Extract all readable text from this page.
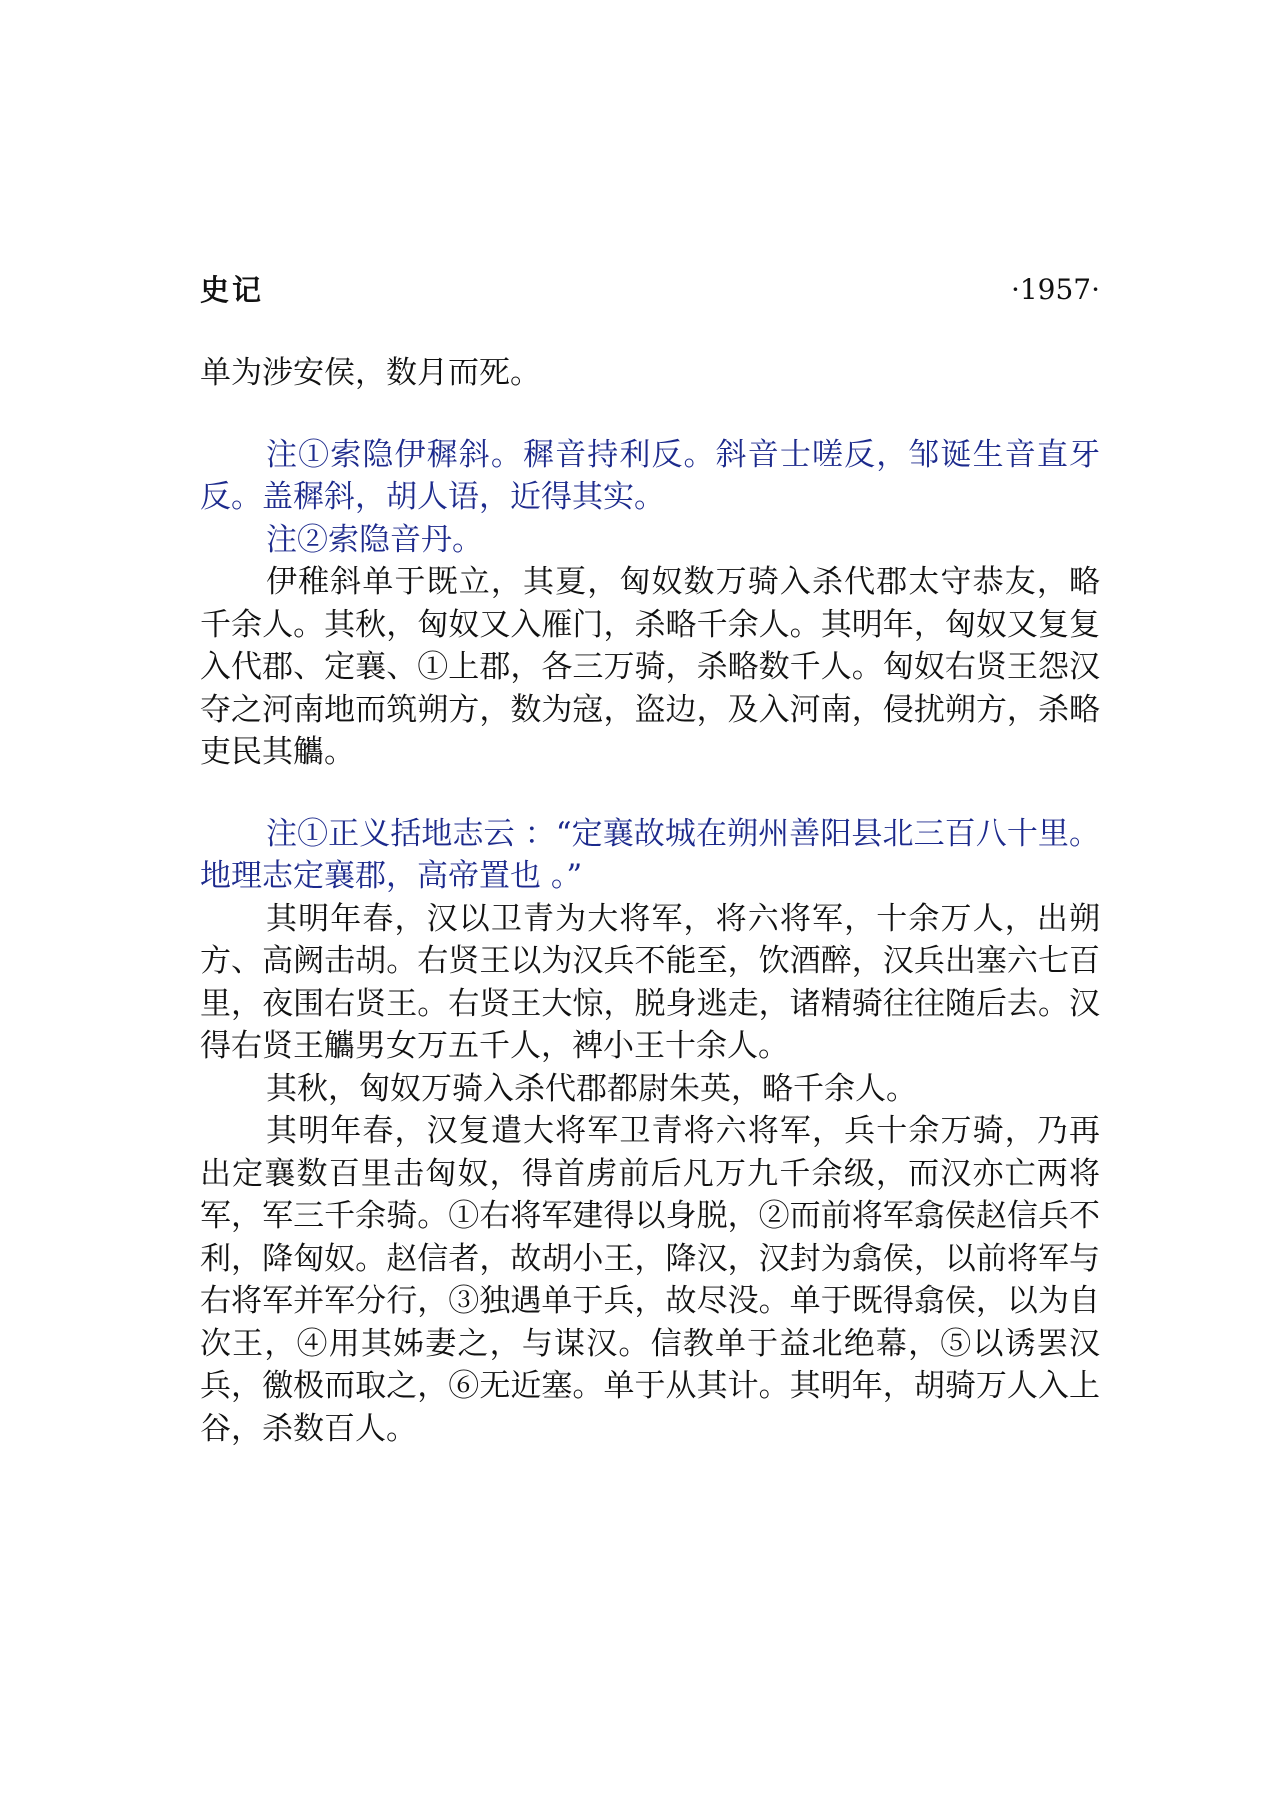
史记	·1957·

单为涉安侯，数月而死。

注①索隐伊穉斜。穉音持利反。斜音士嗟反，邹诞生音直牙反。盖穉斜，胡人语，近得其实。

注②索隐音丹。

伊稚斜单于既立，其夏，匈奴数万骑入杀代郡太守恭友，略千余人。其秋，匈奴又入雁门，杀略千余人。其明年，匈奴又复复入代郡、定襄、①上郡，各三万骑，杀略数千人。匈奴右贤王怨汉夺之河南地而筑朔方，数为寇，盗边，及入河南，侵扰朔方，杀略吏民其觿。

注①正义括地志云 ：“定襄故城在朔州善阳县北三百八十里。地理志定襄郡，高帝置也 。”

其明年春，汉以卫青为大将军，将六将军，十余万人，出朔方、高阙击胡。右贤王以为汉兵不能至，饮酒醉，汉兵出塞六七百里，夜围右贤王。右贤王大惊，脱身逃走，诸精骑往往随后去。汉得右贤王觿男女万五千人，裨小王十余人。

其秋，匈奴万骑入杀代郡都尉朱英，略千余人。

其明年春，汉复遣大将军卫青将六将军，兵十余万骑，乃再出定襄数百里击匈奴，得首虏前后凡万九千余级，而汉亦亡两将军，军三千余骑。①右将军建得以身脱，②而前将军翕侯赵信兵不利，降匈奴。赵信者，故胡小王，降汉，汉封为翕侯，以前将军与右将军并军分行，③独遇单于兵，故尽没。单于既得翕侯，以为自次王，④用其姊妻之，与谋汉。信教单于益北绝幕，⑤以诱罢汉兵，徼极而取之，⑥无近塞。单于从其计。其明年，胡骑万人入上谷，杀数百人。
